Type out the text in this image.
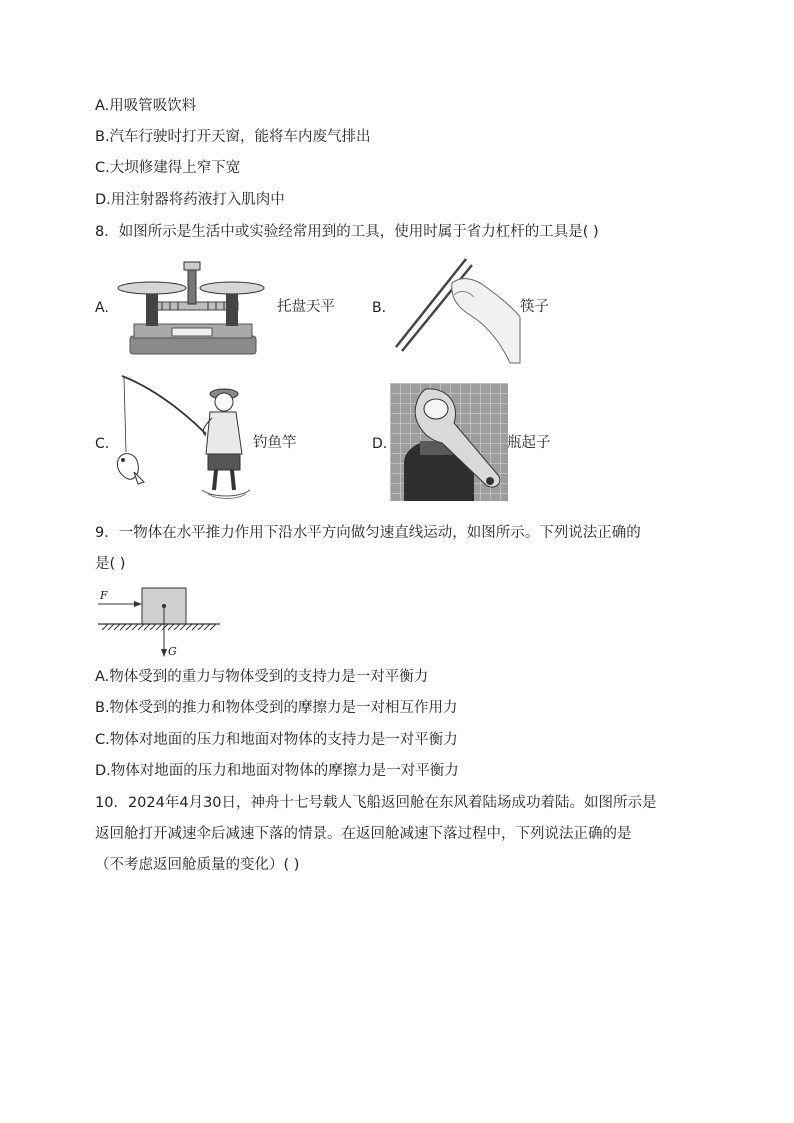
A.用吸管吸饮料
B.汽车行驶时打开天窗，能将车内废气排出
C.大坝修建得上窄下宽
D.用注射器将药液打入肌肉中
8．如图所示是生活中或实验经常用到的工具，使用时属于省力杠杆的工具是( )
A.	托盘天平	B.	筷子
C.	钓鱼竿	D.	瓶起子
9．一物体在水平推力作用下沿水平方向做匀速直线运动，如图所示。下列说法正确的
是( )
F
G
A.物体受到的重力与物体受到的支持力是一对平衡力
B.物体受到的推力和物体受到的摩擦力是一对相互作用力
C.物体对地面的压力和地面对物体的支持力是一对平衡力
D.物体对地面的压力和地面对物体的摩擦力是一对平衡力
10．2024年4月30日，神舟十七号载人飞船返回舱在东风着陆场成功着陆。如图所示是
返回舱打开减速伞后减速下落的情景。在返回舱减速下落过程中，下列说法正确的是
（不考虑返回舱质量的变化）( )
